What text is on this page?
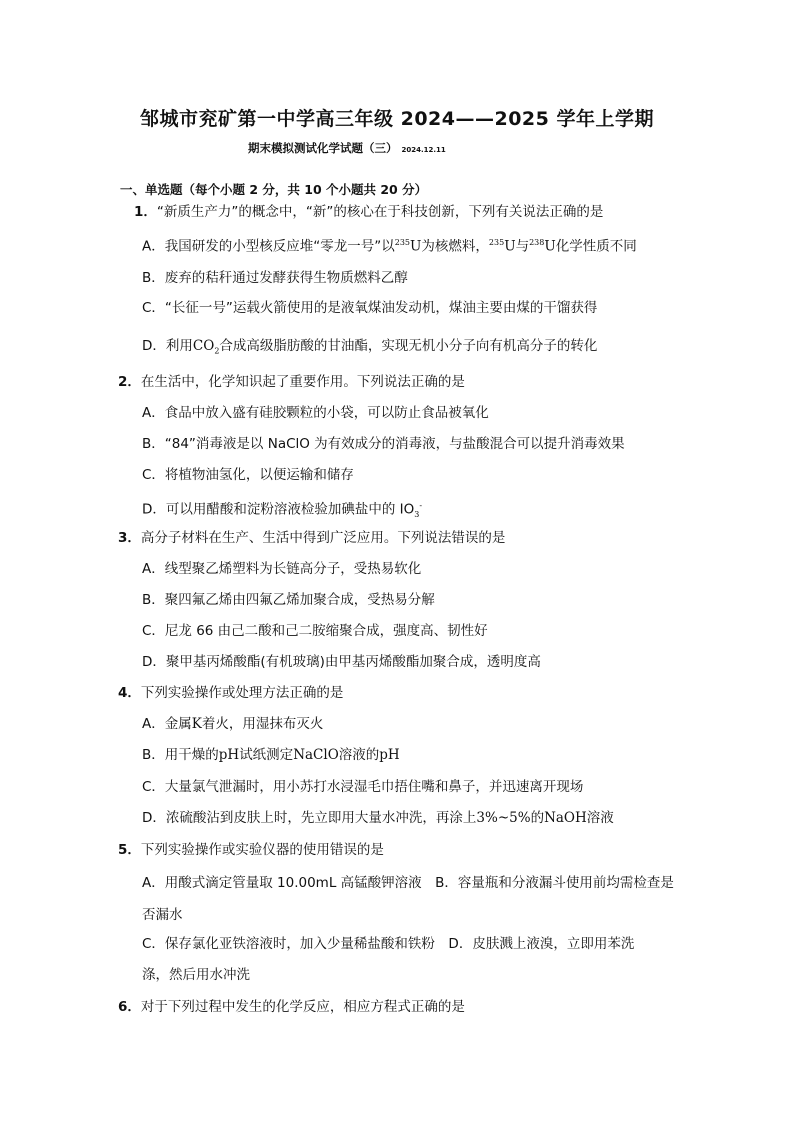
邹城市兖矿第一中学高三年级 2024——2025 学年上学期
期末模拟测试化学试题（三） 2024.12.11
一、单选题（每个小题 2 分，共 10 个小题共 20 分）
1．“新质生产力”的概念中，“新”的核心在于科技创新，下列有关说法正确的是
A．我国研发的小型核反应堆“零龙一号”以$^{235}$U为核燃料，$^{235}$U与$^{238}$U化学性质不同
B．废弃的秸秆通过发酵获得生物质燃料乙醇
C．“长征一号”运载火箭使用的是液氧煤油发动机，煤油主要由煤的干馏获得
D．利用$CO_2$合成高级脂肪酸的甘油酯，实现无机小分子向有机高分子的转化
2．在生活中，化学知识起了重要作用。下列说法正确的是
A．食品中放入盛有硅胶颗粒的小袋，可以防止食品被氧化
B．“84”消毒液是以 NaClO 为有效成分的消毒液，与盐酸混合可以提升消毒效果
C．将植物油氢化，以便运输和储存
D．可以用醋酸和淀粉溶液检验加碘盐中的 $IO_3^-$
3．高分子材料在生产、生活中得到广泛应用。下列说法错误的是
A．线型聚乙烯塑料为长链高分子，受热易软化
B．聚四氟乙烯由四氟乙烯加聚合成，受热易分解
C．尼龙 66 由己二酸和己二胺缩聚合成，强度高、韧性好
D．聚甲基丙烯酸酯(有机玻璃)由甲基丙烯酸酯加聚合成，透明度高
4．下列实验操作或处理方法正确的是
A．金属K着火，用湿抹布灭火
B．用干燥的pH试纸测定NaClO溶液的pH
C．大量氯气泄漏时，用小苏打水浸湿毛巾捂住嘴和鼻子，并迅速离开现场
D．浓硫酸沾到皮肤上时，先立即用大量水冲洗，再涂上3%~5%的NaOH溶液
5．下列实验操作或实验仪器的使用错误的是
A．用酸式滴定管量取 10.00mL 高锰酸钾溶液　B．容量瓶和分液漏斗使用前均需检查是
否漏水
C．保存氯化亚铁溶液时，加入少量稀盐酸和铁粉　D．皮肤溅上液溴，立即用苯洗
涤，然后用水冲洗
6．对于下列过程中发生的化学反应，相应方程式正确的是
